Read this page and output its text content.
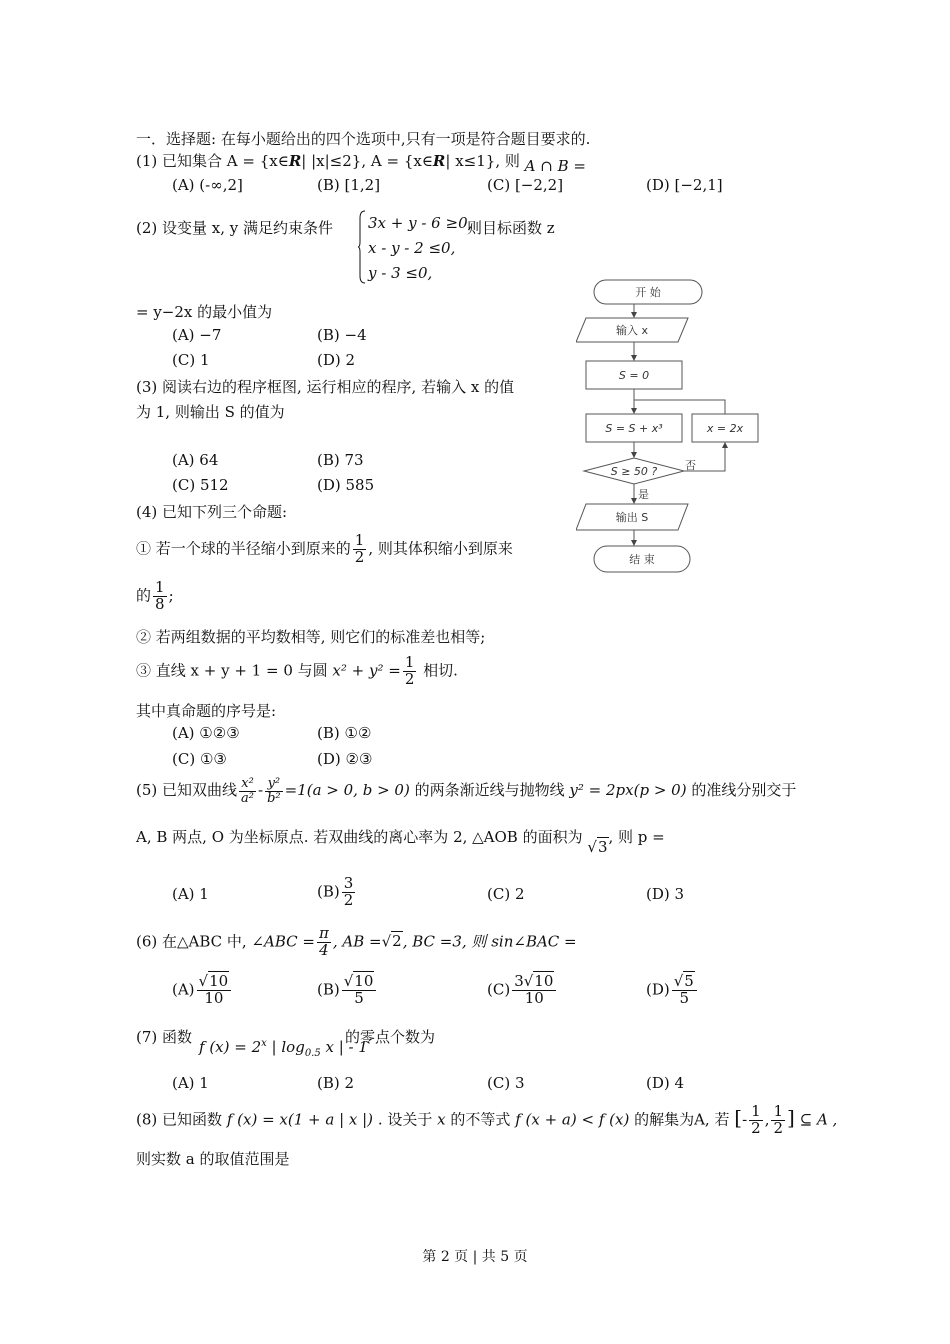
一．选择题: 在每小题给出的四个选项中,只有一项是符合题目要求的.
(1) 已知集合 A = {x∈R| |x|≤2}, A = {x∈R| x≤1}, 则 A ∩ B =
(A) (-∞,2]	(B) [1,2]	(C) [−2,2]	(D) [−2,1]
(2) 设变量 x, y 满足约束条件 3x + y - 6 ≥0,
x - y - 2 ≤0,
y - 3 ≤0,
则目标函数 z
= y−2x 的最小值为
(A) −7	(B) −4
(C) 1	(D) 2
(3) 阅读右边的程序框图, 运行相应的程序, 若输入 x 的值
为 1, 则输出 S 的值为
(A) 64	(B) 73
(C) 512	(D) 585
开 始
输入 x
S = 0
S = S + x³	x = 2x
S ≥ 50 ?	否
是
输出 S
结 束
(4) 已知下列三个命题:
① 若一个球的半径缩小到原来的 $\frac{1}{2}$ , 则其体积缩小到原来
的 $\frac{1}{8}$ ;
② 若两组数据的平均数相等, 则它们的标准差也相等;
③ 直线 x + y + 1 = 0 与圆 $x^2 + y^2 = \frac{1}{2}$ 相切.
其中真命题的序号是:
(A) ①②③	(B) ①②
(C) ①③	(D) ②③
(5) 已知双曲线 $\frac{\text{x²}}{\text{a²}} - \frac{\text{y²}}{\text{b²}} =1(a > 0$, b > 0) 的两条渐近线与抛物线 y² = 2px(p > 0) 的准线分别交于
A, B 两点, O 为坐标原点. 若双曲线的离心率为 2, △AOB 的面积为 √3, 则 p =
(A) 1	$(B) \frac{3}{2}$	(C) 2	(D) 3
(6) 在△ABC 中, ∠ABC = $\frac{\pi}{4}$ , AB =√2, BC =3, 则 sin∠BAC =
$(A) \frac{√10}{10}$	$(B) \frac{√10}{5}$	$(C) \frac{3√10}{10}$	$(D) \frac{√5}{5}$
(7) 函数
f $(x) = 2^x$ | $\log_{0.5} x$ | - 1
的零点个数为
(A) 1	(B) 2	(C) 3	(D) 4
(8) 已知函数 f (x) = x(1 + a | x |) . 设关于 x 的不等式 f (x + a) < f (x) 的解集为A, 若 [- $\frac{1}{2}$ , $\frac{1}{2}$ ] ⊆ A ,
则实数 a 的取值范围是
第 2 页 | 共 5 页
